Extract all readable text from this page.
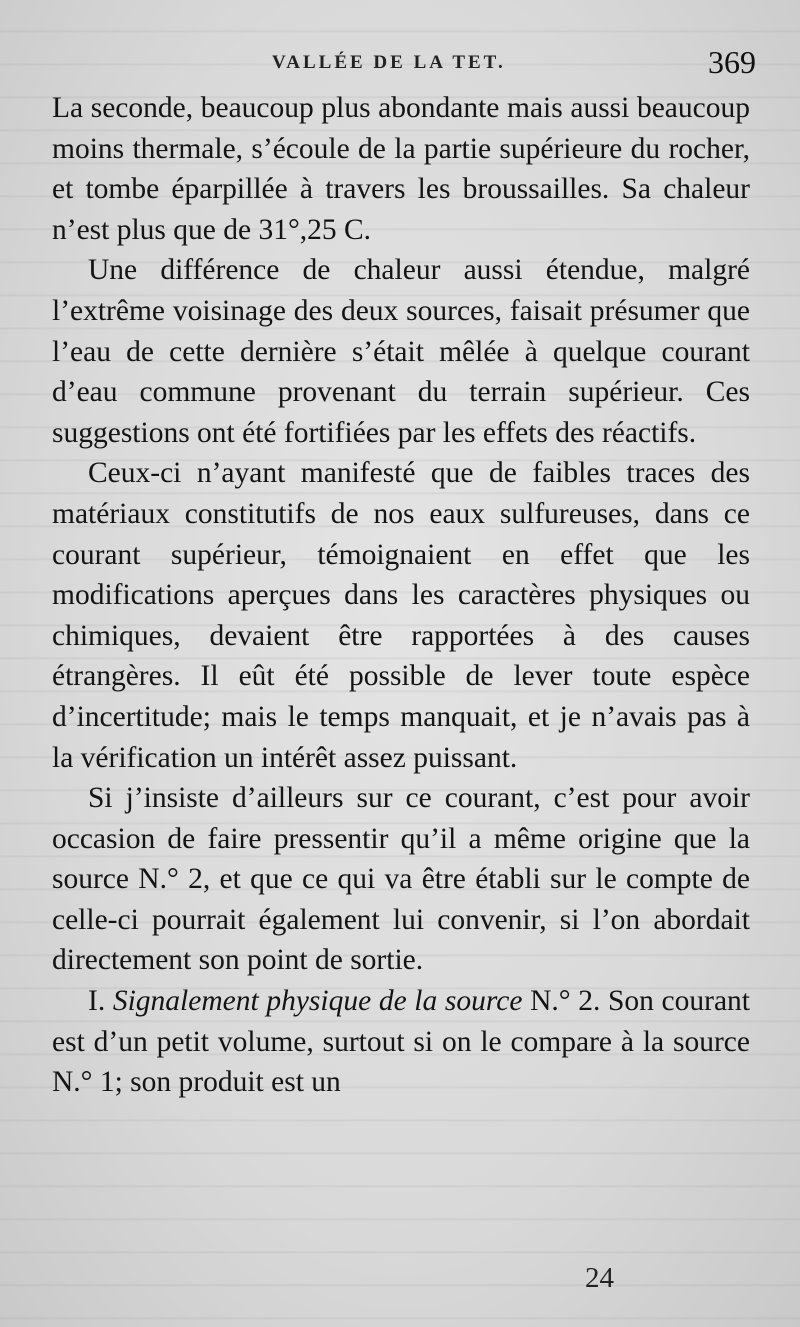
VALLÉE DE LA TET.	369

La seconde, beaucoup plus abondante mais aussi beaucoup moins thermale, s’écoule de la partie supérieure du rocher, et tombe éparpillée à travers les broussailles. Sa chaleur n’est plus que de 31°,25 C.

Une différence de chaleur aussi étendue, malgré l’extrême voisinage des deux sources, faisait présumer que l’eau de cette dernière s’était mêlée à quelque courant d’eau commune provenant du terrain supérieur. Ces suggestions ont été fortifiées par les effets des réactifs.

Ceux-ci n’ayant manifesté que de faibles traces des matériaux constitutifs de nos eaux sulfureuses, dans ce courant supérieur, témoignaient en effet que les modifications aperçues dans les caractères physiques ou chimiques, devaient être rapportées à des causes étrangères. Il eût été possible de lever toute espèce d’incertitude; mais le temps manquait, et je n’avais pas à la vérification un intérêt assez puissant.

Si j’insiste d’ailleurs sur ce courant, c’est pour avoir occasion de faire pressentir qu’il a même origine que la source N.° 2, et que ce qui va être établi sur le compte de celle-ci pourrait également lui convenir, si l’on abordait directement son point de sortie.

I. Signalement physique de la source N.° 2. Son courant est d’un petit volume, surtout si on le compare à la source N.° 1; son produit est un

24
